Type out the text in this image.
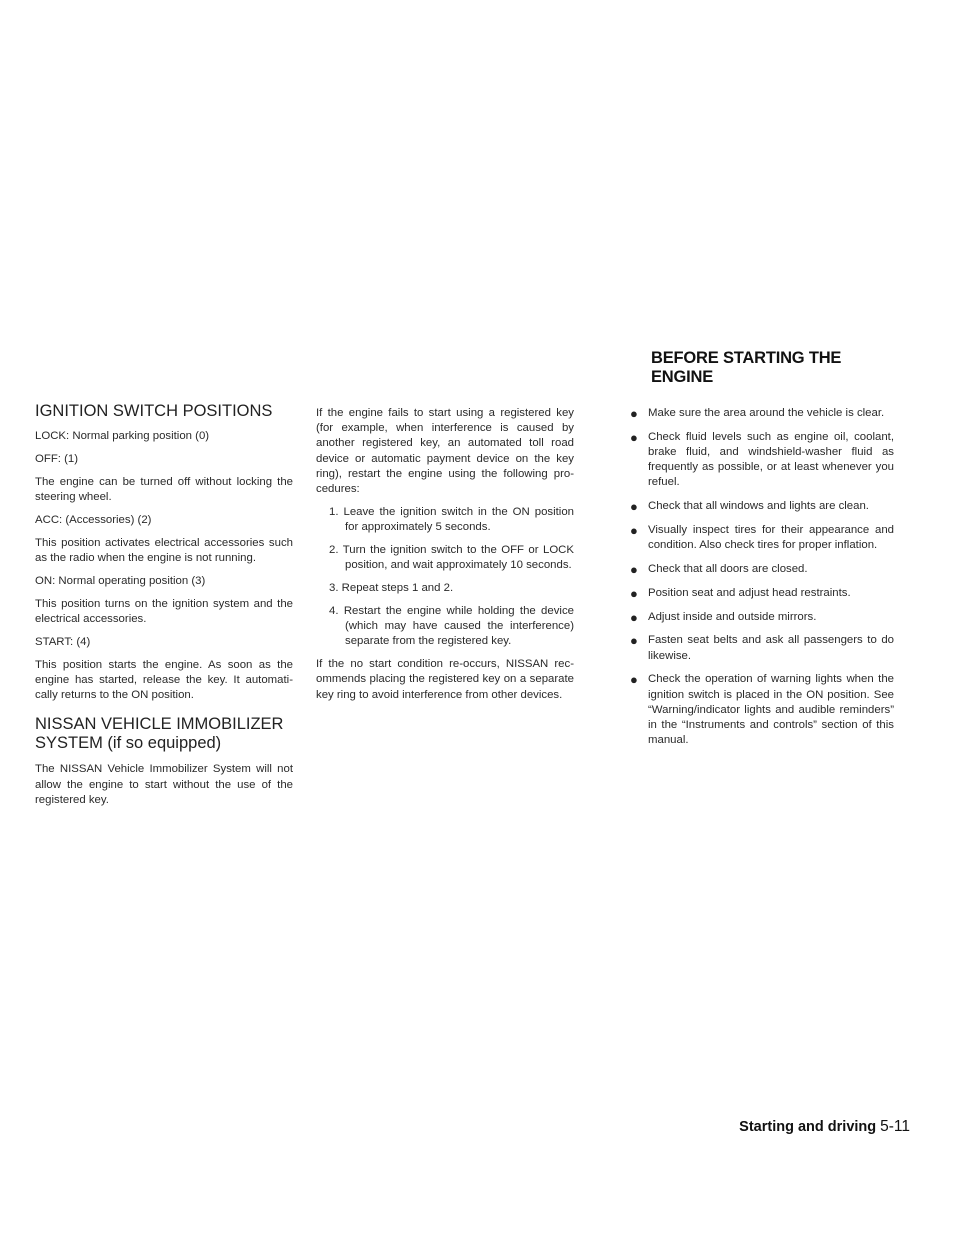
BEFORE STARTING THE ENGINE
IGNITION SWITCH POSITIONS

LOCK: Normal parking position (0)

OFF: (1)

The engine can be turned off without locking the steering wheel.

ACC: (Accessories) (2)

This position activates electrical accessories such as the radio when the engine is not running.

ON: Normal operating position (3)

This position turns on the ignition system and the electrical accessories.

START: (4)

This position starts the engine. As soon as the engine has started, release the key. It automatically returns to the ON position.

NISSAN VEHICLE IMMOBILIZER
SYSTEM (if so equipped)

The NISSAN Vehicle Immobilizer System will not allow the engine to start without the use of the registered key.

If the engine fails to start using a registered key (for example, when interference is caused by another registered key, an automated toll road device or automatic payment device on the key ring), restart the engine using the following procedures:

1. Leave the ignition switch in the ON position for approximately 5 seconds.
2. Turn the ignition switch to the OFF or LOCK position, and wait approximately 10 seconds.
3. Repeat steps 1 and 2.
4. Restart the engine while holding the device (which may have caused the interference) separate from the registered key.

If the no start condition re-occurs, NISSAN recommends placing the registered key on a separate key ring to avoid interference from other devices.

● Make sure the area around the vehicle is clear.
● Check fluid levels such as engine oil, coolant, brake fluid, and windshield-washer fluid as frequently as possible, or at least whenever you refuel.
● Check that all windows and lights are clean.
● Visually inspect tires for their appearance and condition. Also check tires for proper inflation.
● Check that all doors are closed.
● Position seat and adjust head restraints.
● Adjust inside and outside mirrors.
● Fasten seat belts and ask all passengers to do likewise.
● Check the operation of warning lights when the ignition switch is placed in the ON position. See “Warning/indicator lights and audible reminders” in the “Instruments and controls” section of this manual.
Starting and driving 5-11
